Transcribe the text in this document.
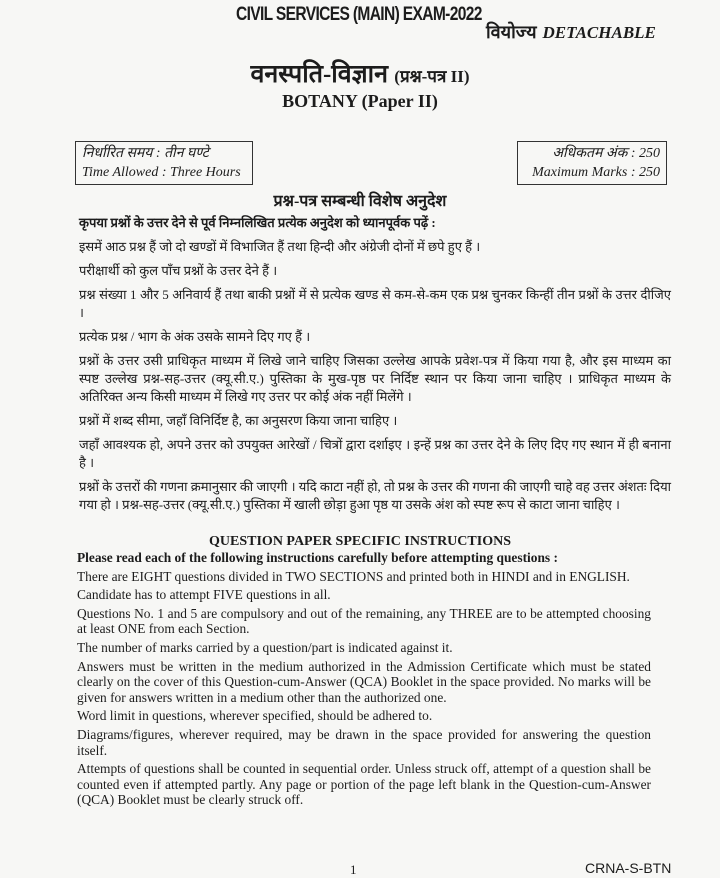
CIVIL SERVICES (MAIN) EXAM-2022
वियोज्य DETACHABLE
वनस्पति-विज्ञान (प्रश्न-पत्र II)
BOTANY (Paper II)
निर्धारित समय : तीन घण्टे
Time Allowed : Three Hours
अधिकतम अंक : 250
Maximum Marks : 250
प्रश्न-पत्र सम्बन्धी विशेष अनुदेश

कृपया प्रश्नों के उत्तर देने से पूर्व निम्नलिखित प्रत्येक अनुदेश को ध्यानपूर्वक पढ़ें :

इसमें आठ प्रश्न हैं जो दो खण्डों में विभाजित हैं तथा हिन्दी और अंग्रेजी दोनों में छपे हुए हैं ।

परीक्षार्थी को कुल पाँच प्रश्नों के उत्तर देने हैं ।

प्रश्न संख्या 1 और 5 अनिवार्य हैं तथा बाकी प्रश्नों में से प्रत्येक खण्ड से कम-से-कम एक प्रश्न चुनकर किन्हीं तीन प्रश्नों के उत्तर दीजिए ।

प्रत्येक प्रश्न / भाग के अंक उसके सामने दिए गए हैं ।

प्रश्नों के उत्तर उसी प्राधिकृत माध्यम में लिखे जाने चाहिए जिसका उल्लेख आपके प्रवेश-पत्र में किया गया है, और इस माध्यम का स्पष्ट उल्लेख प्रश्न-सह-उत्तर (क्यू.सी.ए.) पुस्तिका के मुख-पृष्ठ पर निर्दिष्ट स्थान पर किया जाना चाहिए । प्राधिकृत माध्यम के अतिरिक्त अन्य किसी माध्यम में लिखे गए उत्तर पर कोई अंक नहीं मिलेंगे ।

प्रश्नों में शब्द सीमा, जहाँ विनिर्दिष्ट है, का अनुसरण किया जाना चाहिए ।

जहाँ आवश्यक हो, अपने उत्तर को उपयुक्त आरेखों / चित्रों द्वारा दर्शाइए । इन्हें प्रश्न का उत्तर देने के लिए दिए गए स्थान में ही बनाना है ।

प्रश्नों के उत्तरों की गणना क्रमानुसार की जाएगी । यदि काटा नहीं हो, तो प्रश्न के उत्तर की गणना की जाएगी चाहे वह उत्तर अंशतः दिया गया हो । प्रश्न-सह-उत्तर (क्यू.सी.ए.) पुस्तिका में खाली छोड़ा हुआ पृष्ठ या उसके अंश को स्पष्ट रूप से काटा जाना चाहिए ।

QUESTION PAPER SPECIFIC INSTRUCTIONS

Please read each of the following instructions carefully before attempting questions :

There are EIGHT questions divided in TWO SECTIONS and printed both in HINDI and in ENGLISH.

Candidate has to attempt FIVE questions in all.

Questions No. 1 and 5 are compulsory and out of the remaining, any THREE are to be attempted choosing at least ONE from each Section.

The number of marks carried by a question/part is indicated against it.

Answers must be written in the medium authorized in the Admission Certificate which must be stated clearly on the cover of this Question-cum-Answer (QCA) Booklet in the space provided. No marks will be given for answers written in a medium other than the authorized one.

Word limit in questions, wherever specified, should be adhered to.

Diagrams/figures, wherever required, may be drawn in the space provided for answering the question itself.

Attempts of questions shall be counted in sequential order. Unless struck off, attempt of a question shall be counted even if attempted partly. Any page or portion of the page left blank in the Question-cum-Answer (QCA) Booklet must be clearly struck off.

1	CRNA-S-BTN
